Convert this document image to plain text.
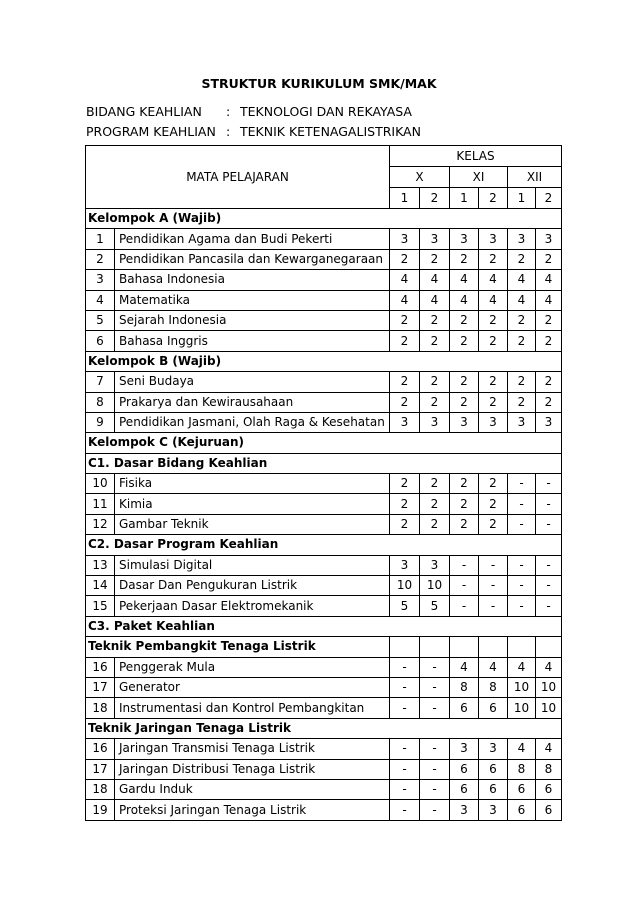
STRUKTUR KURIKULUM SMK/MAK
BIDANG KEAHLIAN : TEKNOLOGI DAN REKAYASA
PROGRAM KEAHLIAN : TEKNIK KETENAGALISTRIKAN
MATA PELAJARAN		KELAS					
		X		XI		XII	
		1	2	1	2	1	2
Kelompok A (Wajib)							
1	Pendidikan Agama dan Budi Pekerti	3	3	3	3	3	3
2	Pendidikan Pancasila dan Kewarganegaraan	2	2	2	2	2	2
3	Bahasa Indonesia	4	4	4	4	4	4
4	Matematika	4	4	4	4	4	4
5	Sejarah Indonesia	2	2	2	2	2	2
6	Bahasa Inggris	2	2	2	2	2	2
Kelompok B (Wajib)							
7	Seni Budaya	2	2	2	2	2	2
8	Prakarya dan Kewirausahaan	2	2	2	2	2	2
9	Pendidikan Jasmani, Olah Raga & Kesehatan	3	3	3	3	3	3
Kelompok C (Kejuruan)							
C1. Dasar Bidang Keahlian							
10	Fisika	2	2	2	2	-	-
11	Kimia	2	2	2	2	-	-
12	Gambar Teknik	2	2	2	2	-	-
C2. Dasar Program Keahlian							
13	Simulasi Digital	3	3	-	-	-	-
14	Dasar Dan Pengukuran Listrik	10	10	-	-	-	-
15	Pekerjaan Dasar Elektromekanik	5	5	-	-	-	-
C3. Paket Keahlian							
Teknik Pembangkit Tenaga Listrik							
16	Penggerak Mula	-	-	4	4	4	4
17	Generator	-	-	8	8	10	10
18	Instrumentasi dan Kontrol Pembangkitan	-	-	6	6	10	10
Teknik Jaringan Tenaga Listrik							
16	Jaringan Transmisi Tenaga Listrik	-	-	3	3	4	4
17	Jaringan Distribusi Tenaga Listrik	-	-	6	6	8	8
18	Gardu Induk	-	-	6	6	6	6
19	Proteksi Jaringan Tenaga Listrik	-	-	3	3	6	6
